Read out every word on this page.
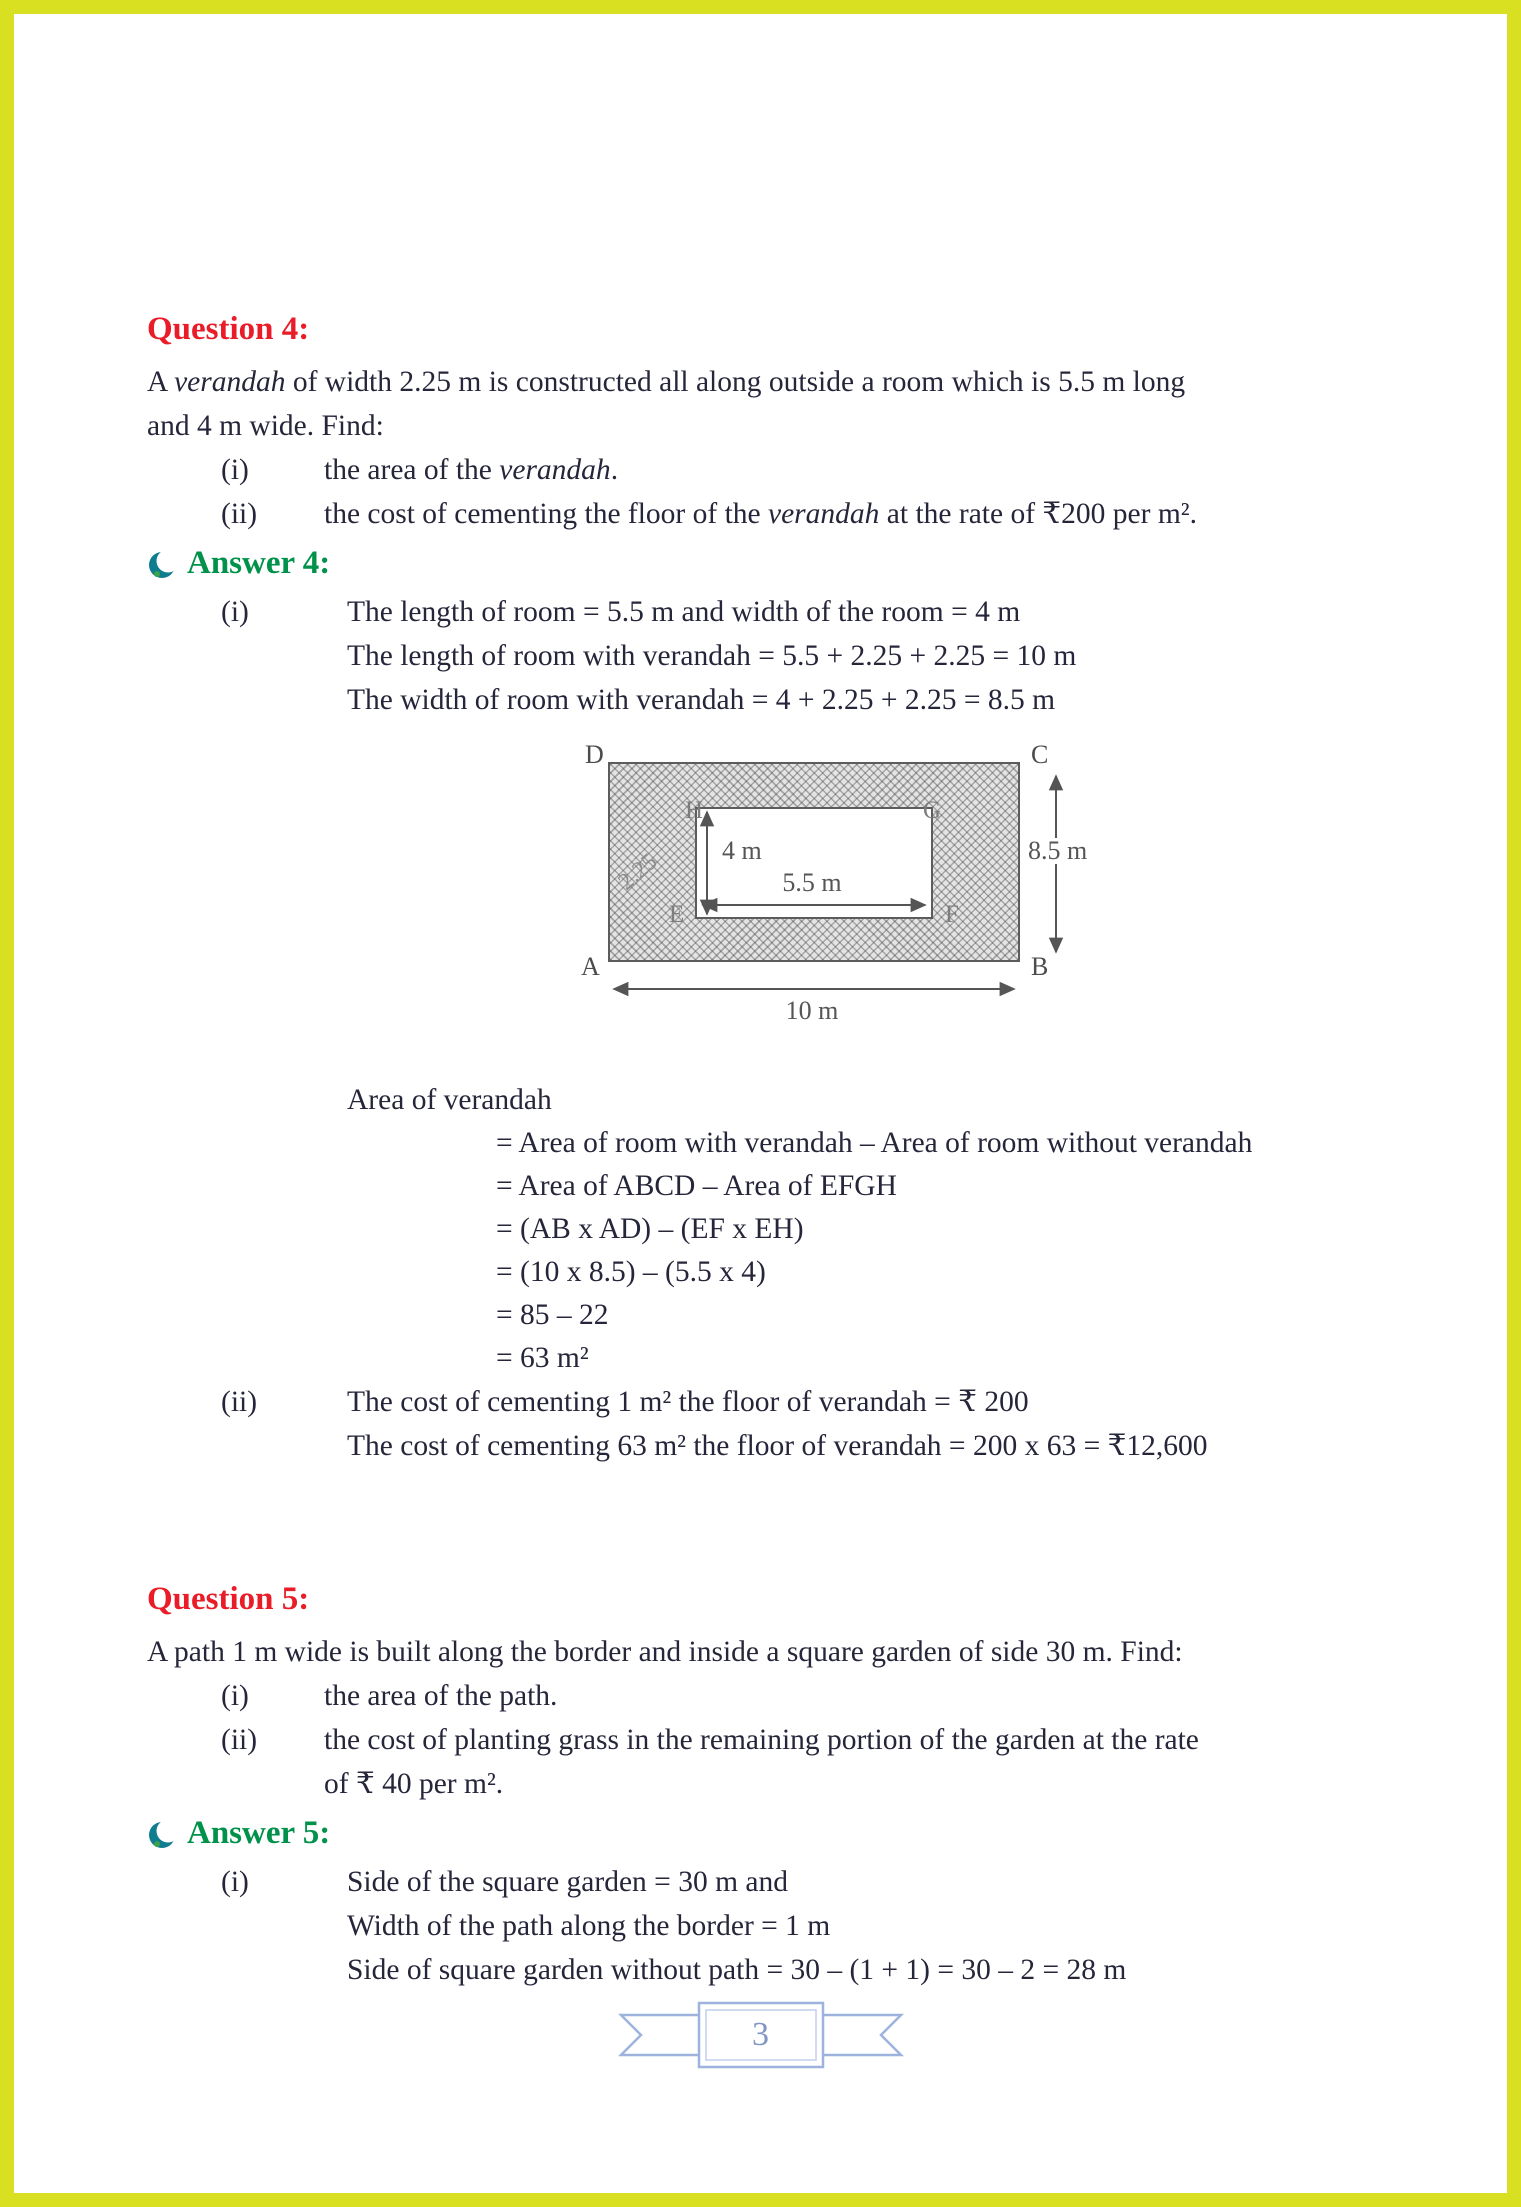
Question 4:
A verandah of width 2.25 m is constructed all along outside a room which is 5.5 m long
and 4 m wide. Find:
(i)	the area of the verandah.
(ii)	the cost of cementing the floor of the verandah at the rate of ₹200 per m².
Answer 4:
(i)	The length of room = 5.5 m and width of the room = 4 m
The length of room with verandah = 5.5 + 2.25 + 2.25 = 10 m
The width of room with verandah = 4 + 2.25 + 2.25 = 8.5 m
D	C
A	B
H	G
E	F
4 m
5.5 m
8.5 m
2.25
10 m
Area of verandah
= Area of room with verandah – Area of room without verandah
= Area of ABCD – Area of EFGH
= (AB x AD) – (EF x EH)
= (10 x 8.5) – (5.5 x 4)
= 85 – 22
= 63 m²
(ii)	The cost of cementing 1 m² the floor of verandah = ₹ 200
The cost of cementing 63 m² the floor of verandah = 200 x 63 = ₹12,600
Question 5:
A path 1 m wide is built along the border and inside a square garden of side 30 m. Find:
(i)	the area of the path.
(ii)	the cost of planting grass in the remaining portion of the garden at the rate
of ₹ 40 per m².
Answer 5:
(i)	Side of the square garden = 30 m and
Width of the path along the border = 1 m
Side of square garden without path = 30 – (1 + 1) = 30 – 2 = 28 m
3
